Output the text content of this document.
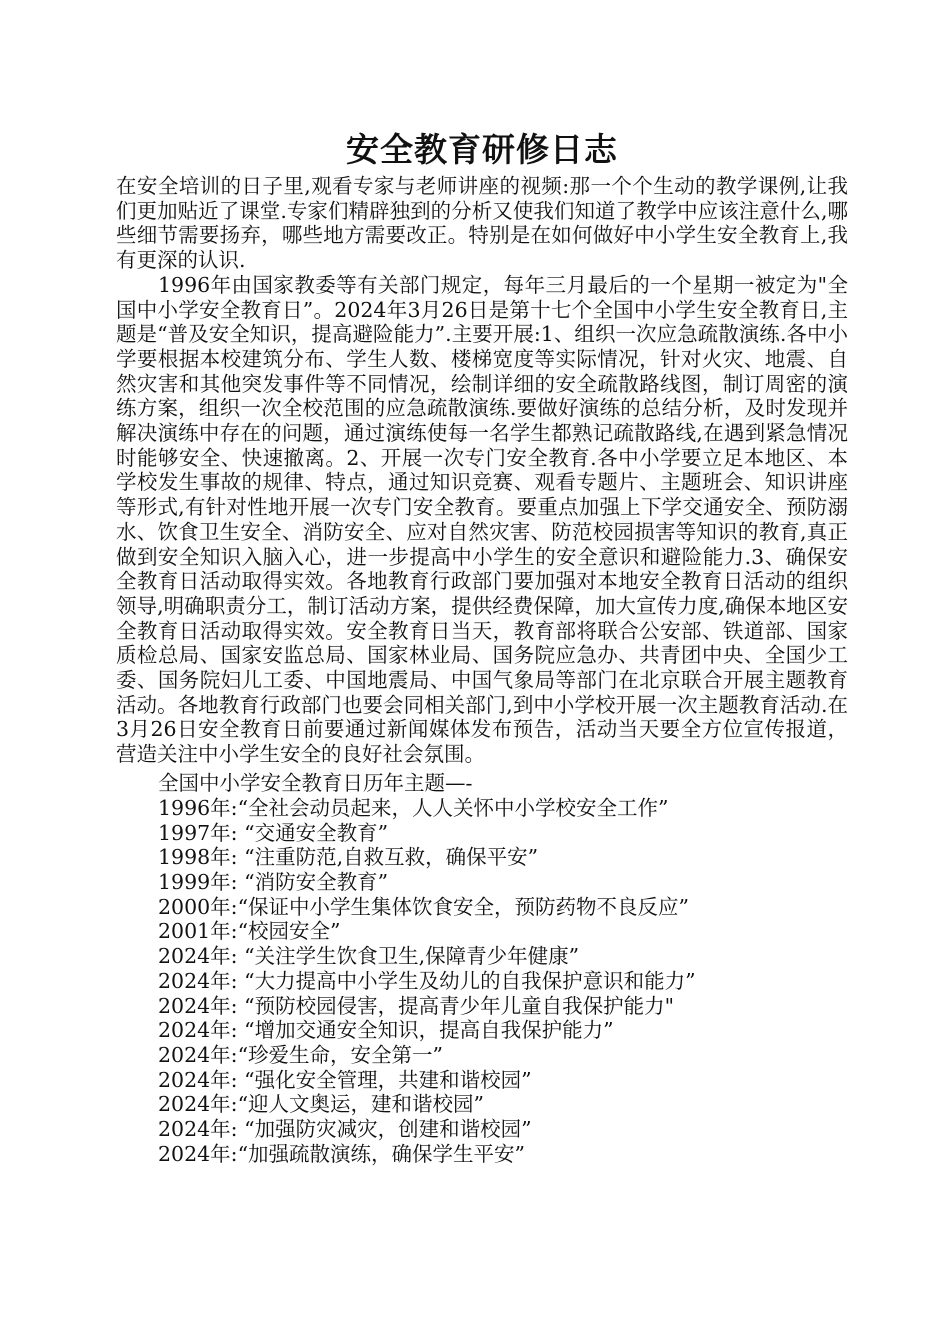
安全教育研修日志

在安全培训的日子里,观看专家与老师讲座的视频:那一个个生动的教学课例,让我们更加贴近了课堂.专家们精辟独到的分析又使我们知道了教学中应该注意什么,哪些细节需要扬弃，哪些地方需要改正。特别是在如何做好中小学生安全教育上,我有更深的认识.

1996年由国家教委等有关部门规定，每年三月最后的一个星期一被定为"全国中小学安全教育日”。2024年3月26日是第十七个全国中小学生安全教育日,主题是“普及安全知识，提高避险能力”.主要开展:1、组织一次应急疏散演练.各中小学要根据本校建筑分布、学生人数、楼梯宽度等实际情况，针对火灾、地震、自然灾害和其他突发事件等不同情况，绘制详细的安全疏散路线图，制订周密的演练方案，组织一次全校范围的应急疏散演练.要做好演练的总结分析，及时发现并解决演练中存在的问题，通过演练使每一名学生都熟记疏散路线,在遇到紧急情况时能够安全、快速撤离。2、开展一次专门安全教育.各中小学要立足本地区、本学校发生事故的规律、特点，通过知识竞赛、观看专题片、主题班会、知识讲座等形式,有针对性地开展一次专门安全教育。要重点加强上下学交通安全、预防溺水、饮食卫生安全、消防安全、应对自然灾害、防范校园损害等知识的教育,真正做到安全知识入脑入心，进一步提高中小学生的安全意识和避险能力.3、确保安全教育日活动取得实效。各地教育行政部门要加强对本地安全教育日活动的组织领导,明确职责分工，制订活动方案，提供经费保障，加大宣传力度,确保本地区安全教育日活动取得实效。安全教育日当天，教育部将联合公安部、铁道部、国家质检总局、国家安监总局、国家林业局、国务院应急办、共青团中央、全国少工委、国务院妇儿工委、中国地震局、中国气象局等部门在北京联合开展主题教育活动。各地教育行政部门也要会同相关部门,到中小学校开展一次主题教育活动.在3月26日安全教育日前要通过新闻媒体发布预告，活动当天要全方位宣传报道，营造关注中小学生安全的良好社会氛围。

全国中小学安全教育日历年主题—-

1996年:“全社会动员起来，人人关怀中小学校安全工作”
1997年: “交通安全教育”
1998年: “注重防范,自救互救，确保平安”
1999年: “消防安全教育”
2000年:“保证中小学生集体饮食安全，预防药物不良反应”
2001年:“校园安全”
2024年: “关注学生饮食卫生,保障青少年健康”
2024年: “大力提高中小学生及幼儿的自我保护意识和能力”
2024年: “预防校园侵害，提高青少年儿童自我保护能力"
2024年: “增加交通安全知识，提高自我保护能力”
2024年:“珍爱生命，安全第一”
2024年: “强化安全管理，共建和谐校园”
2024年:“迎人文奥运，建和谐校园”
2024年: “加强防灾减灾，创建和谐校园”
2024年:“加强疏散演练，确保学生平安”
